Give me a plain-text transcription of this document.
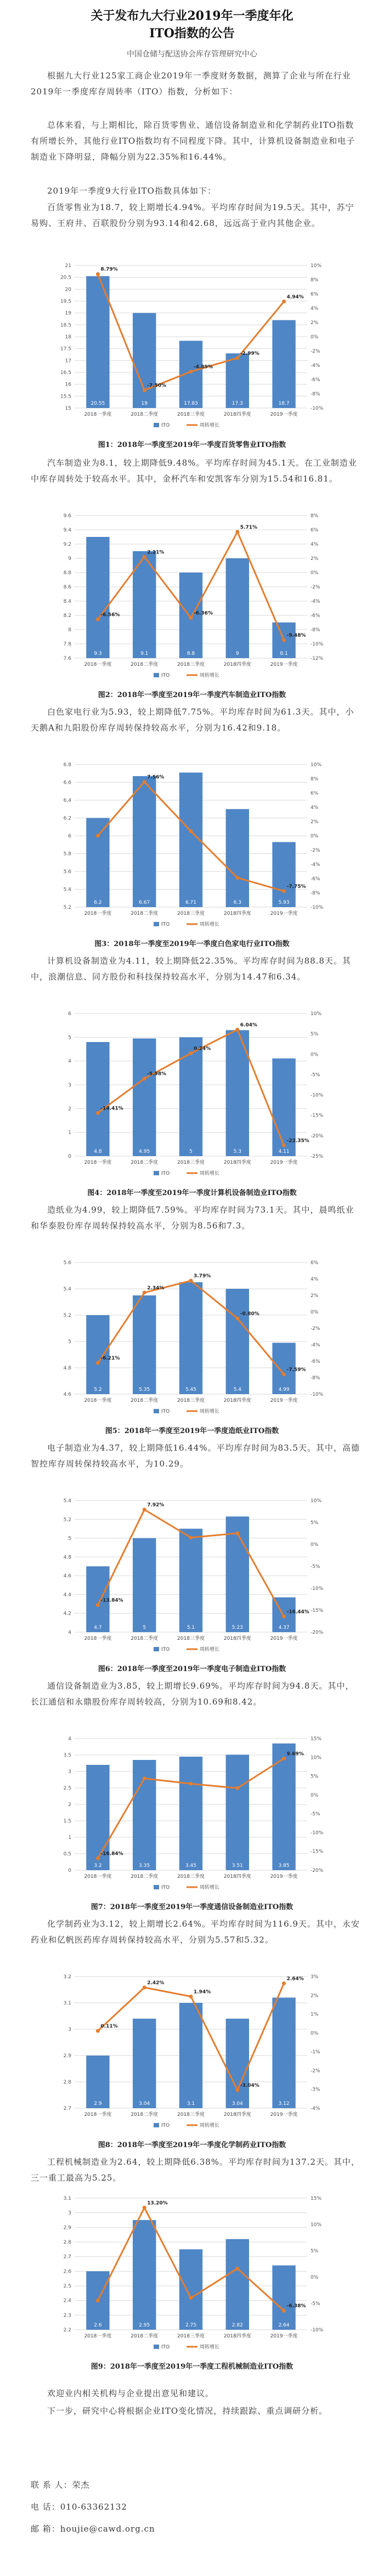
关于发布九大行业2019年一季度年化
ITO指数的公告
中国仓储与配送协会库存管理研究中心
根据九大行业125家工商企业2019年一季度财务数据，测算了企业与所在行业2019年一季度库存周转率（ITO）指数，分析如下：
总体来看，与上期相比，除百货零售业、通信设备制造业和化学制药业ITO指数有所增长外，其他行业ITO指数均有不同程度下降。其中，计算机设备制造业和电子制造业下降明显，降幅分别为22.35%和16.44%。
2019年一季度9大行业ITO指数具体如下：
百货零售业为18.7，较上期增长4.94%。平均库存时间为19.5天。其中，苏宁易购、王府井、百联股份分别为93.14和42.68，远远高于业内其他企业。
15
15.5
16
16.5
17
17.5
18
18.5
19
19.5
20
20.5
21
-10%
-8%
-6%
-4%
-2%
0%
2%
4%
6%
8%
10%
20.55
2018一季度
19
2018二季度
17.83
2018三季度
17.3
2018四季度
18.7
2019一季度
8.79%
-7.50%
-4.89%
-2.99%
4.94%
ITO	周转增长
图1：2018年一季度至2019年一季度百货零售业ITO指数
汽车制造业为8.1，较上期降低9.48%。平均库存时间为45.1天。在工业制造业中库存周转处于较高水平。其中，金杯汽车和安凯客车分别为15.54和16.81。
7.6
7.8
8
8.2
8.4
8.6
8.8
9
9.2
9.4
9.6
-12%
-10%
-8%
-6%
-4%
-2%
0%
2%
4%
6%
8%
9.3
2018一季度
9.1
2018二季度
8.8
2018三季度
9
2018四季度
8.1
2019一季度
-6.56%
2.21%
-6.36%
5.71%
-9.48%
ITO	周转增长
图2：2018年一季度至2019年一季度汽车制造业ITO指数
白色家电行业为5.93，较上期降低7.75%。平均库存时间为61.3天。其中，小天鹅A和九阳股份库存周转保持较高水平，分别为16.42和9.18。
5.2
5.4
5.6
5.8
6
6.2
6.4
6.6
6.8
-10%
-8%
-6%
-4%
-2%
0%
2%
4%
6%
8%
10%
6.2
2018一季度
6.67
2018二季度
6.71
2018三季度
6.3
2018四季度
5.93
2019一季度
7.56%
-7.75%
ITO	周转增长
图3：2018年一季度至2019年一季度白色家电行业ITO指数
计算机设备制造业为4.11，较上期降低22.35%。平均库存时间为88.8天。其中，浪潮信息、同方股份和科技保持较高水平，分别为14.47和6.34。
0
1
2
3
4
5
6
-25%
-20%
-15%
-10%
-5%
0%
5%
10%
4.8
2018一季度
4.95
2018二季度
5
2018三季度
5.3
2018四季度
4.11
2019一季度
-14.41%
-5.98%
0.24%
6.04%
-22.35%
ITO	周转增长
图4：2018年一季度至2019年一季度计算机设备制造业ITO指数
造纸业为4.99，较上期降低7.59%。平均库存时间为73.1天。其中，晨鸣纸业和华泰股份库存周转保持较高水平，分别为8.56和7.3。
4.6
4.8
5
5.2
5.4
5.6
-10%
-8%
-6%
-4%
-2%
0%
2%
4%
6%
5.2
2018一季度
5.35
2018二季度
5.45
2018三季度
5.4
2018四季度
4.99
2019一季度
-6.21%
2.34%
3.79%
-0.80%
-7.59%
ITO	周转增长
图5：2018年一季度至2019年一季度造纸业ITO指数
电子制造业为4.37，较上期降低16.44%。平均库存时间为83.5天。其中，高德智控库存周转保持较高水平，为10.29。
4
4.2
4.4
4.6
4.8
5
5.2
5.4
-20%
-15%
-10%
-5%
0%
5%
10%
4.7
2018一季度
5
2018二季度
5.1
2018三季度
5.23
2018四季度
4.37
2019一季度
-13.84%
7.92%
-16.44%
ITO	周转增长
图6：2018年一季度至2019年一季度电子制造业ITO指数
通信设备制造业为3.85，较上期增长9.69%。平均库存时间为94.8天。其中，长江通信和永鼎股份库存周转较高，分别为10.69和8.42。
0
0.5
1
1.5
2
2.5
3
3.5
4
-20%
-15%
-10%
-5%
0%
5%
10%
15%
3.2
2018一季度
3.35
2018二季度
3.45
2018三季度
3.51
2018四季度
3.85
2019一季度
-16.84%
9.69%
ITO	周转增长
图7：2018年一季度至2019年一季度通信设备制造业ITO指数
化学制药业为3.12，较上期增长2.64%。平均库存时间为116.9天。其中，永安药业和亿帆医药库存周转保持较高水平，分别为5.57和5.32。
2.7
2.8
2.9
3
3.1
3.2
-4%
-3%
-2%
-1%
0%
1%
2%
3%
2.9
2018一季度
3.04
2018二季度
3.1
2018三季度
3.04
2018四季度
3.12
2019一季度
0.11%
2.42%
1.94%
-3.04%
2.64%
ITO	周转增长
图8：2018年一季度至2019年一季度化学制药业ITO指数
工程机械制造业为2.64，较上期降低6.38%。平均库存时间为137.2天。其中，三一重工最高为5.25。
2.2
2.3
2.4
2.5
2.6
2.7
2.8
2.9
3
3.1
-10%
-5%
0%
5%
10%
15%
2.6
2018一季度
2.95
2018二季度
2.75
2018三季度
2.82
2018四季度
2.64
2019一季度
13.20%
-6.38%
ITO	周转增长
图9：2018年一季度至2019年一季度工程机械制造业ITO指数
欢迎业内相关机构与企业提出意见和建议。
下一步，研究中心将根据企业ITO变化情况，持续跟踪、重点调研分析。
联 系 人：荣杰
电 话：010-63362132
邮 箱：houjie@cawd.org.cn
